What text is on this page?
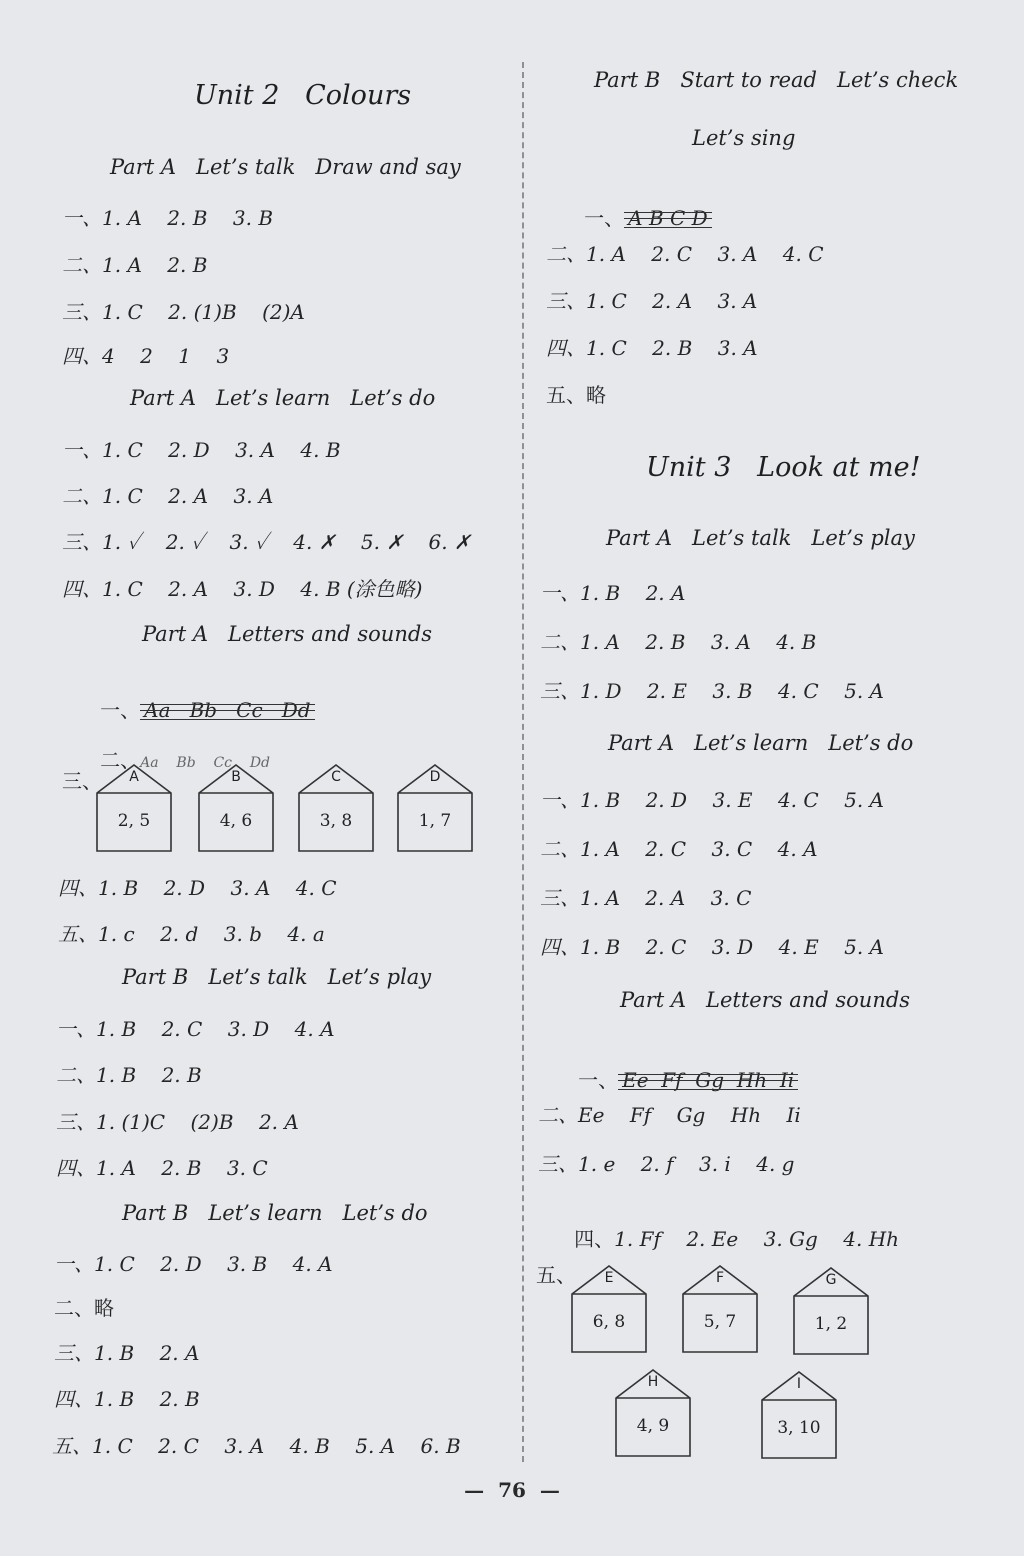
Unit 2   Colours
Part A   Let’s talk   Draw and say
一、1. A    2. B    3. B
二、1. A    2. B
三、1. C    2. (1)B    (2)A
四、4    2    1    3
Part A   Let’s learn   Let’s do
一、1. C    2. D    3. A    4. B
二、1. C    2. A    3. A
三、1. ✓    2. ✓    3. ✓    4. ✗    5. ✗    6. ✗
四、1. C    2. A    3. D    4. B (涂色略)
Part A   Letters and sounds

一、 Aa   Bb   Cc   Dd

二、Aa    Bb    Cc    Dd

三、	A
2, 5
B
4, 6
C
3, 8
D
1, 7
四、1. B    2. D    3. A    4. C
五、1. c    2. d    3. b    4. a
Part B   Let’s talk   Let’s play
一、1. B    2. C    3. D    4. A
二、1. B    2. B
三、1. (1)C    (2)B    2. A
四、1. A    2. B    3. C
Part B   Let’s learn   Let’s do
一、1. C    2. D    3. B    4. A
二、略
三、1. B    2. A
四、1. B    2. B
五、1. C    2. C    3. A    4. B    5. A    6. B
Part B   Start to read   Let’s check
Let’s sing

一、 A B C D

二、1. A    2. C    3. A    4. C
三、1. C    2. A    3. A
四、1. C    2. B    3. A
五、略
Unit 3   Look at me!
Part A   Let’s talk   Let’s play
一、1. B    2. A
二、1. A    2. B    3. A    4. B
三、1. D    2. E    3. B    4. C    5. A
Part A   Let’s learn   Let’s do
一、1. B    2. D    3. E    4. C    5. A
二、1. A    2. C    3. C    4. A
三、1. A    2. A    3. C
四、1. B    2. C    3. D    4. E    5. A
Part A   Letters and sounds

一、 Ee  Ff  Gg  Hh  Ii

二、Ee    Ff    Gg    Hh    Ii
三、1. e    2. f    3. i    4. g

四、1. Ff 2. Ee 3. Gg 4. Hh

五、	E
6, 8
F
5, 7
G
1, 2
H
4, 9
I
3, 10
—  76  —
